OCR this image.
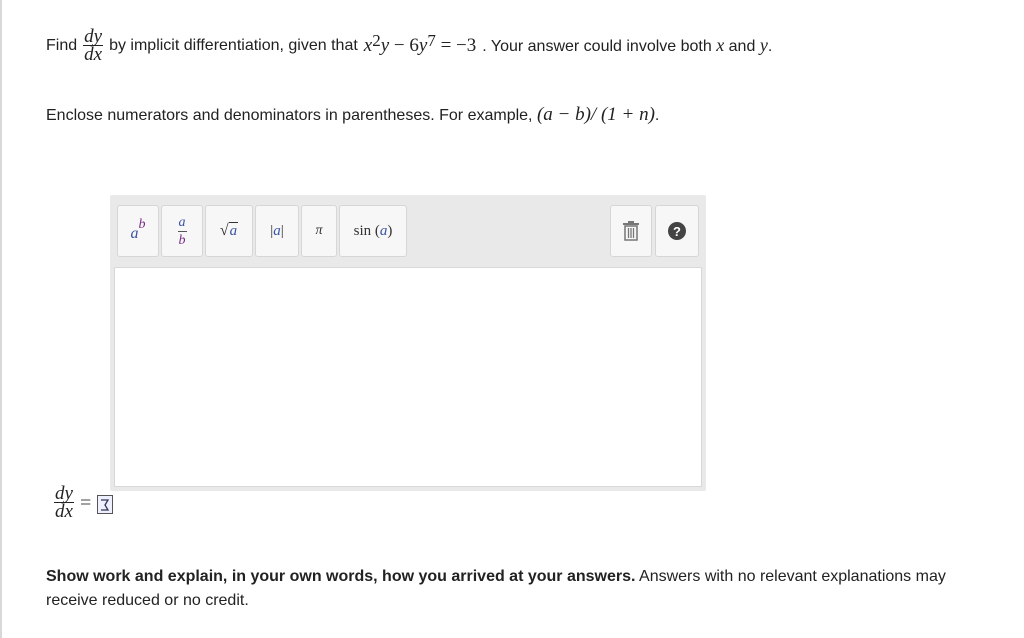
Find $\frac{dy}{dx}$ by implicit differentiation, given that $x^2y - 6y^7 = -3$ . Your answer could involve both x and y.
Enclose numerators and denominators in parentheses. For example, (a − b)/ (1 + n).
a
$^b \frac{a}{b}$ √ a | a | π sin
( a )	?
$\frac{dy}{dx}$ =
Show work and explain, in your own words, how you arrived at your answers. Answers with no relevant explanations may receive reduced or no credit.
